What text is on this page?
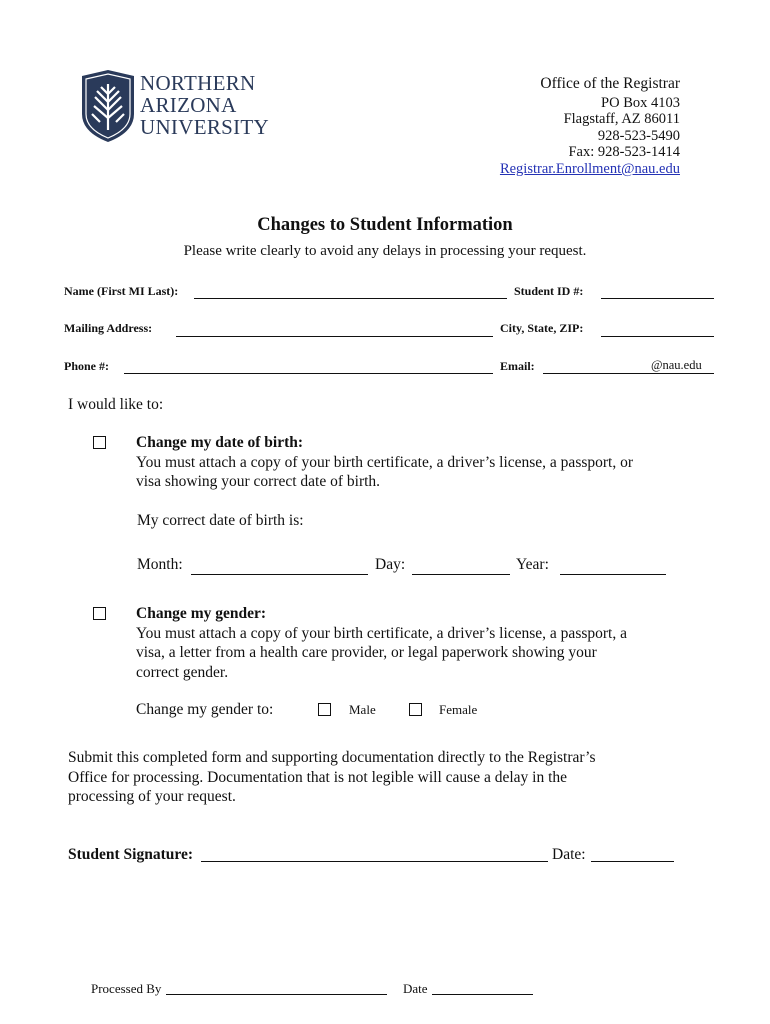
NORTHERN
ARIZONA
UNIVERSITY
Office of the Registrar
PO Box 4103
Flagstaff, AZ 86011
928-523-5490
Fax: 928-523-1414
Registrar.Enrollment@nau.edu
Changes to Student Information
Please write clearly to avoid any delays in processing your request.
Name (First MI Last):	Student ID #:
Mailing Address:	City, State, ZIP:
Phone #:	Email:	@nau.edu
I would like to:
Change my date of birth:
You must attach a copy of your birth certificate, a driver’s license, a passport, or
visa showing your correct date of birth.
My correct date of birth is:
Month:	Day:	Year:
Change my gender:
You must attach a copy of your birth certificate, a driver’s license, a passport, a
visa, a letter from a health care provider, or legal paperwork showing your
correct gender.
Change my gender to:	Male	Female
Submit this completed form and supporting documentation directly to the Registrar’s
Office for processing. Documentation that is not legible will cause a delay in the
processing of your request.
Student Signature:	Date:
Processed By	Date
